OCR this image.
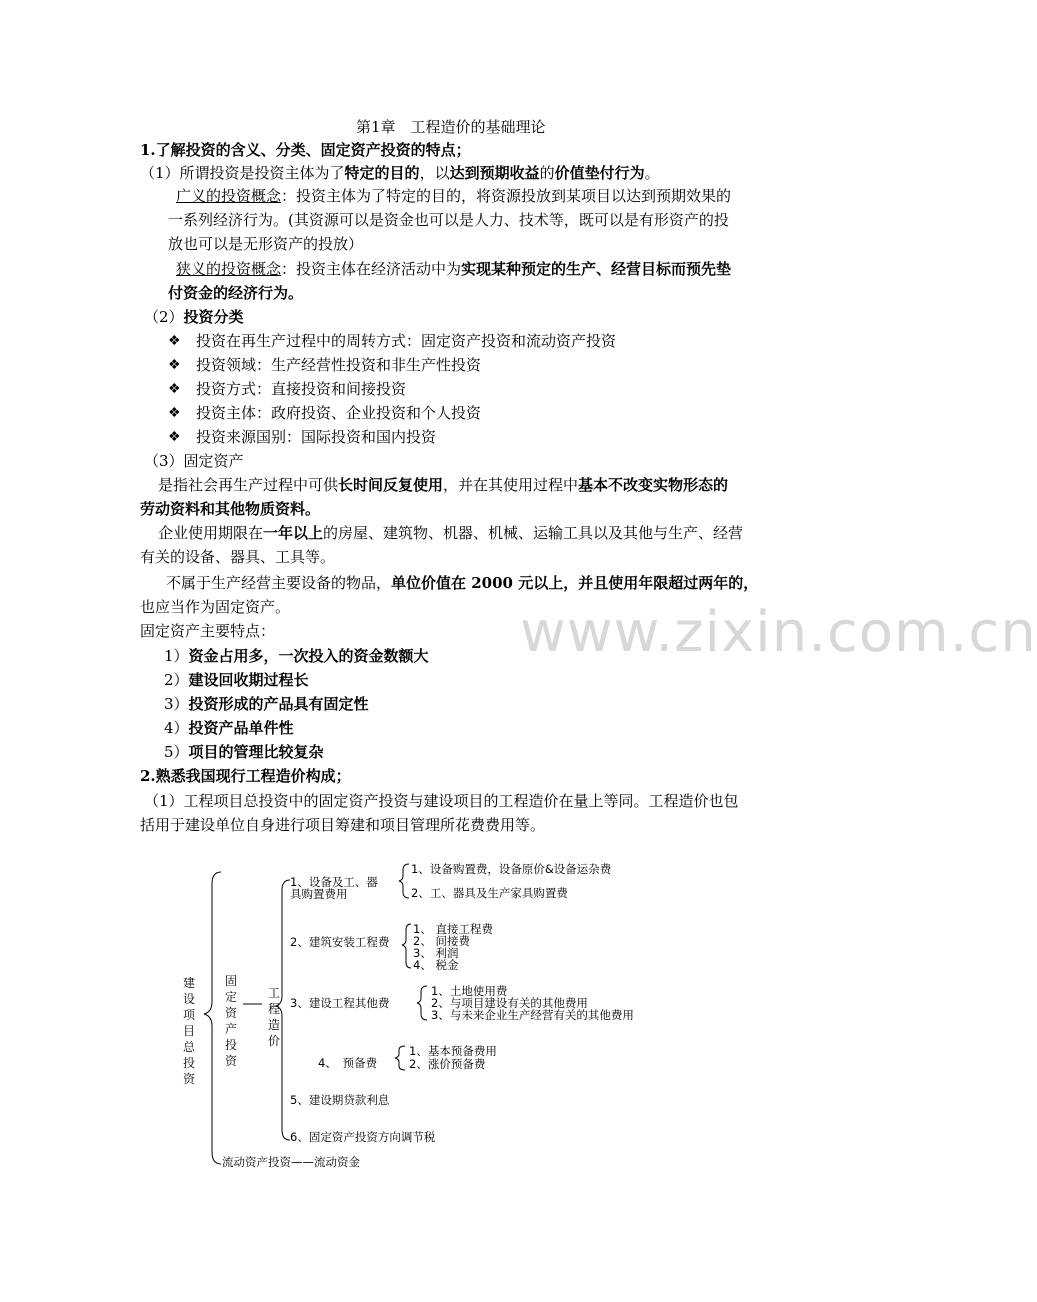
www.zixin.com.cn
第1章　工程造价的基础理论
1.了解投资的含义、分类、固定资产投资的特点；
（1）所谓投资是投资主体为了特定的目的，以达到预期收益的价值垫付行为。
广义的投资概念：投资主体为了特定的目的，将资源投放到某项目以达到预期效果的
一系列经济行为。(其资源可以是资金也可以是人力、技术等，既可以是有形资产的投
放也可以是无形资产的投放）
狭义的投资概念：投资主体在经济活动中为实现某种预定的生产、经营目标而预先垫
付资金的经济行为。
（2）投资分类
❖ 投资在再生产过程中的周转方式：固定资产投资和流动资产投资
❖ 投资领域：生产经营性投资和非生产性投资
❖ 投资方式：直接投资和间接投资
❖ 投资主体：政府投资、企业投资和个人投资
❖ 投资来源国别：国际投资和国内投资
（3）固定资产
是指社会再生产过程中可供长时间反复使用，并在其使用过程中基本不改变实物形态的
劳动资料和其他物质资料。
企业使用期限在一年以上的房屋、建筑物、机器、机械、运输工具以及其他与生产、经营
有关的设备、器具、工具等。
不属于生产经营主要设备的物品，单位价值在 2000 元以上，并且使用年限超过两年的，
也应当作为固定资产。
固定资产主要特点：
1）资金占用多，一次投入的资金数额大
2）建设回收期过程长
3）投资形成的产品具有固定性
4）投资产品单件性
5）项目的管理比较复杂
2.熟悉我国现行工程造价构成；
（1）工程项目总投资中的固定资产投资与建设项目的工程造价在量上等同。工程造价也包
括用于建设单位自身进行项目筹建和项目管理所花费费用等。
建设项目总投资
固定资产投资
工程造价
1、设备及工、器
具购置费用
1、设备购置费，设备原价&设备运杂费
2、工、器具及生产家具购置费
2、建筑安装工程费
1、 直接工程费
2、 间接费
3、 利润
4、 税金
3、建设工程其他费
1、土地使用费
2、与项目建设有关的其他费用
3、与未来企业生产经营有关的其他费用
4、　预备费
1、基本预备费用
2、涨价预备费
5、建设期贷款利息
6、固定资产投资方向调节税
流动资产投资——流动资金
